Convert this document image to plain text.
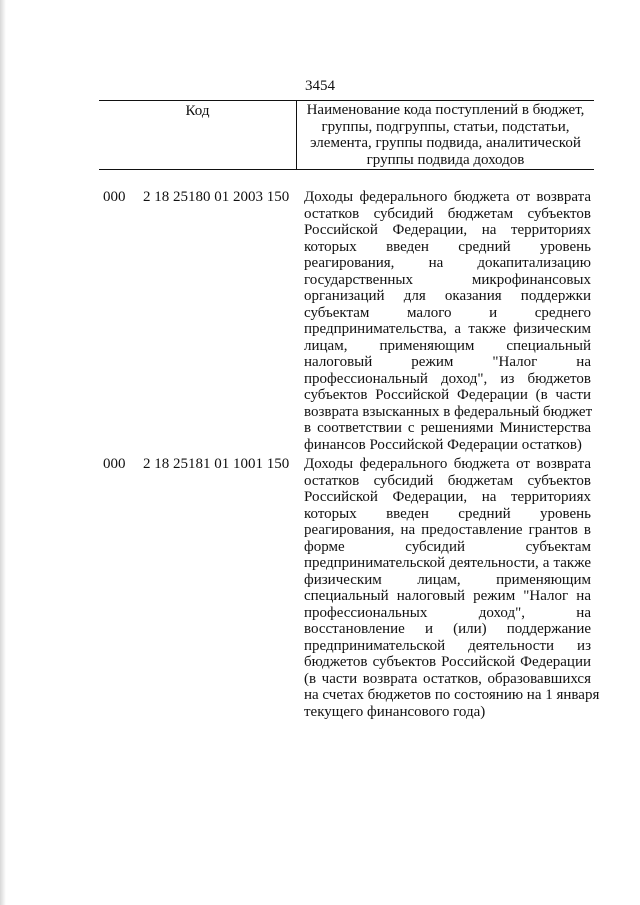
3454
Код	Наименование кода поступлений в бюджет,
группы, подгруппы, статьи, подстатьи,
элемента, группы подвида, аналитической
группы подвида доходов
000 2 18 25180 01 2003 150 Доходы федерального бюджета от возврата
остатков субсидий бюджетам субъектов
Российской Федерации, на территориях
которых введен средний уровень
реагирования, на докапитализацию
государственных микрофинансовых
организаций для оказания поддержки
субъектам малого и среднего
предпринимательства, а также физическим
лицам, применяющим специальный
налоговый режим "Налог на
профессиональный доход", из бюджетов
субъектов Российской Федерации (в части
возврата взысканных в федеральный бюджет
в соответствии с решениями Министерства
финансов Российской Федерации остатков)
000 2 18 25181 01 1001 150 Доходы федерального бюджета от возврата
остатков субсидий бюджетам субъектов
Российской Федерации, на территориях
которых введен средний уровень
реагирования, на предоставление грантов в
форме субсидий субъектам
предпринимательской деятельности, а также
физическим лицам, применяющим
специальный налоговый режим "Налог на
профессиональных доход", на
восстановление и (или) поддержание
предпринимательской деятельности из
бюджетов субъектов Российской Федерации
(в части возврата остатков, образовавшихся
на счетах бюджетов по состоянию на 1 января
текущего финансового года)
